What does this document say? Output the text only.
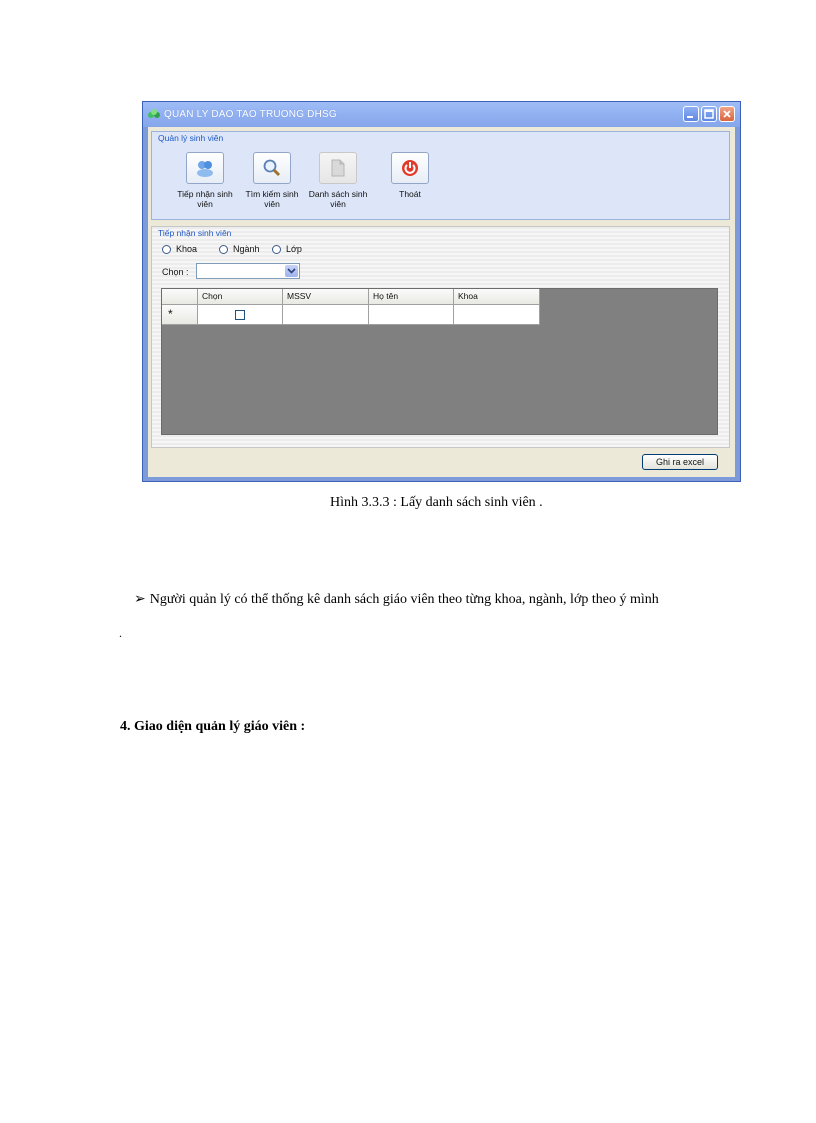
QUAN LY DAO TAO TRUONG DHSG
Quản lý sinh viên
Tiếp nhận sinh viên
Tìm kiếm sinh viên
Danh sách sinh viên
Thoát
Tiếp nhận sinh viên
Khoa	Ngành	Lớp
Chọn :
Chọn	MSSV	Họ tên	Khoa
*
Ghi ra excel
Hình 3.3.3 : Lấy danh sách sinh viên .
➢ Người quản lý có thể thống kê danh sách giáo viên theo từng khoa, ngành, lớp theo ý mình
.
4. Giao diện quản lý giáo viên :
